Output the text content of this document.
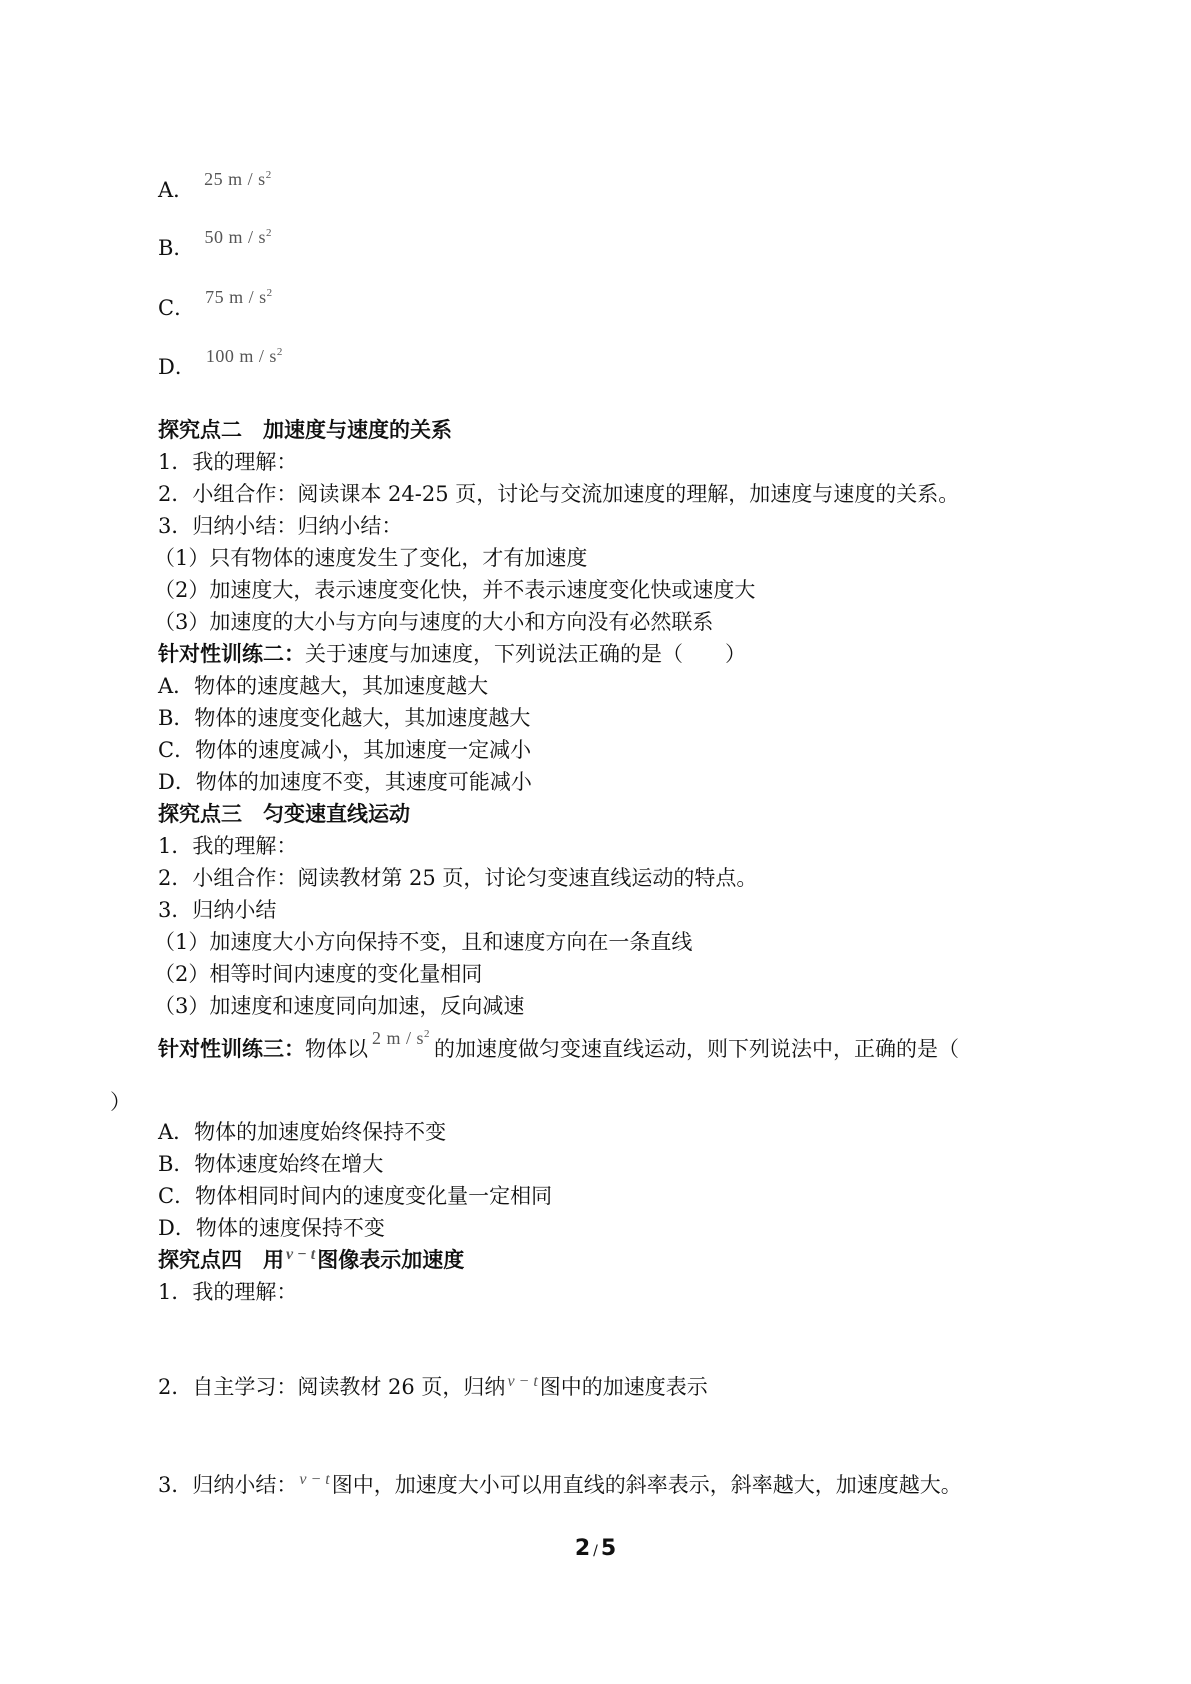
A． 25 m / $s^2$
B． 50 m / $s^2$
C． 75 m / $s^2$
D． 100 m / $s^2$
探究点二　加速度与速度的关系
1．我的理解：
2．小组合作：阅读课本 24-25 页，讨论与交流加速度的理解，加速度与速度的关系。
3．归纳小结：归纳小结：
（1）只有物体的速度发生了变化，才有加速度
（2）加速度大，表示速度变化快，并不表示速度变化快或速度大
（3）加速度的大小与方向与速度的大小和方向没有必然联系
针对性训练二：关于速度与加速度，下列说法正确的是（　　）
A．物体的速度越大，其加速度越大
B．物体的速度变化越大，其加速度越大
C．物体的速度减小，其加速度一定减小
D．物体的加速度不变，其速度可能减小
探究点三　匀变速直线运动
1．我的理解：
2．小组合作：阅读教材第 25 页，讨论匀变速直线运动的特点。
3．归纳小结
（1）加速度大小方向保持不变，且和速度方向在一条直线
（2）相等时间内速度的变化量相同
（3）加速度和速度同向加速，反向减速
针对性训练三：物体以 2 m / $s^2$的加速度做匀变速直线运动，则下列说法中，正确的是（
）
A．物体的加速度始终保持不变
B．物体速度始终在增大
C．物体相同时间内的速度变化量一定相同
D．物体的速度保持不变
探究点四　用 $^{v - t}$图像表示加速度
1．我的理解：
2．自主学习：阅读教材 26 页，归纳 $^{v - t}$图中的加速度表示
3．归纳小结： $^{v - t}$图中，加速度大小可以用直线的斜率表示，斜率越大，加速度越大。
2 / 5
